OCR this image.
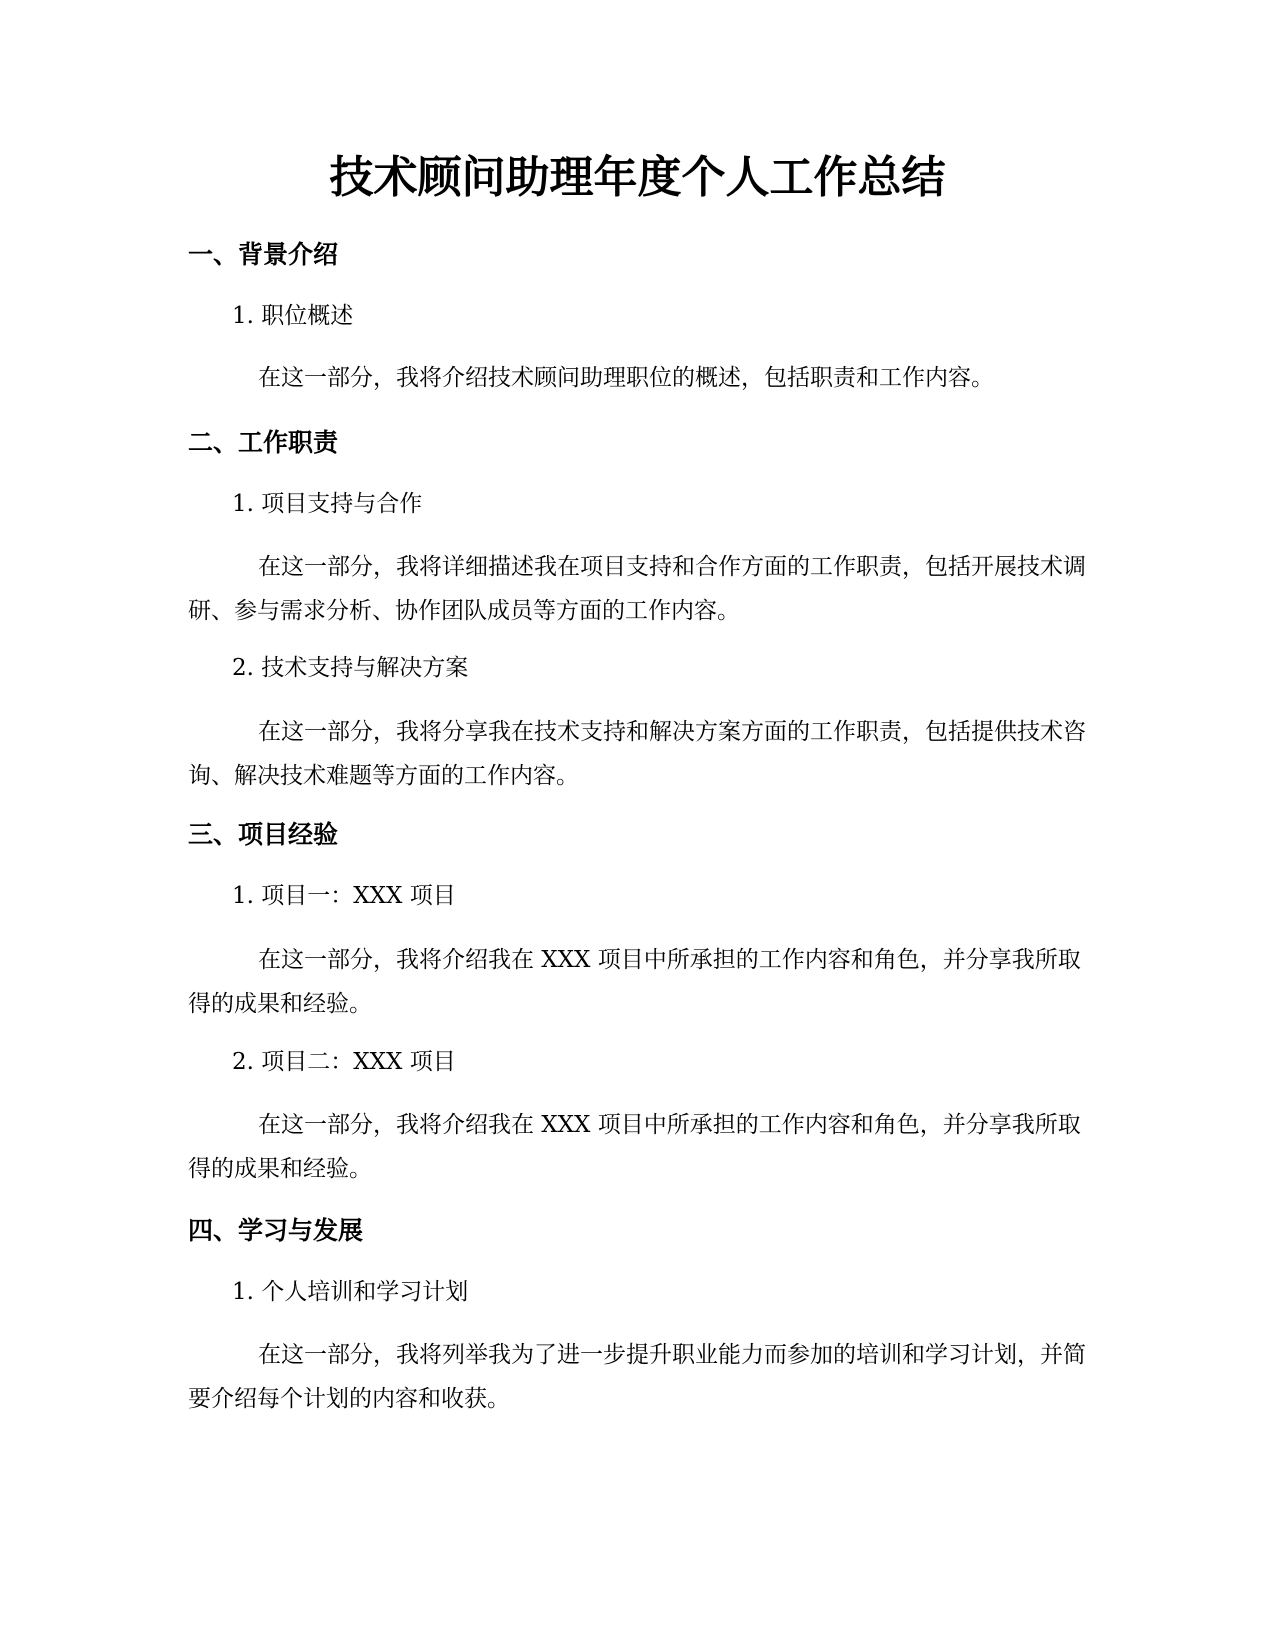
技术顾问助理年度个人工作总结
一、背景介绍

1. 职位概述

在这一部分，我将介绍技术顾问助理职位的概述，包括职责和工作内容。

二、工作职责

1. 项目支持与合作

在这一部分，我将详细描述我在项目支持和合作方面的工作职责，包括开展技术调研、参与需求分析、协作团队成员等方面的工作内容。

2. 技术支持与解决方案

在这一部分，我将分享我在技术支持和解决方案方面的工作职责，包括提供技术咨询、解决技术难题等方面的工作内容。

三、项目经验

1. 项目一：XXX 项目

在这一部分，我将介绍我在 XXX 项目中所承担的工作内容和角色，并分享我所取得的成果和经验。

2. 项目二：XXX 项目

在这一部分，我将介绍我在 XXX 项目中所承担的工作内容和角色，并分享我所取得的成果和经验。

四、学习与发展

1. 个人培训和学习计划

在这一部分，我将列举我为了进一步提升职业能力而参加的培训和学习计划，并简要介绍每个计划的内容和收获。
